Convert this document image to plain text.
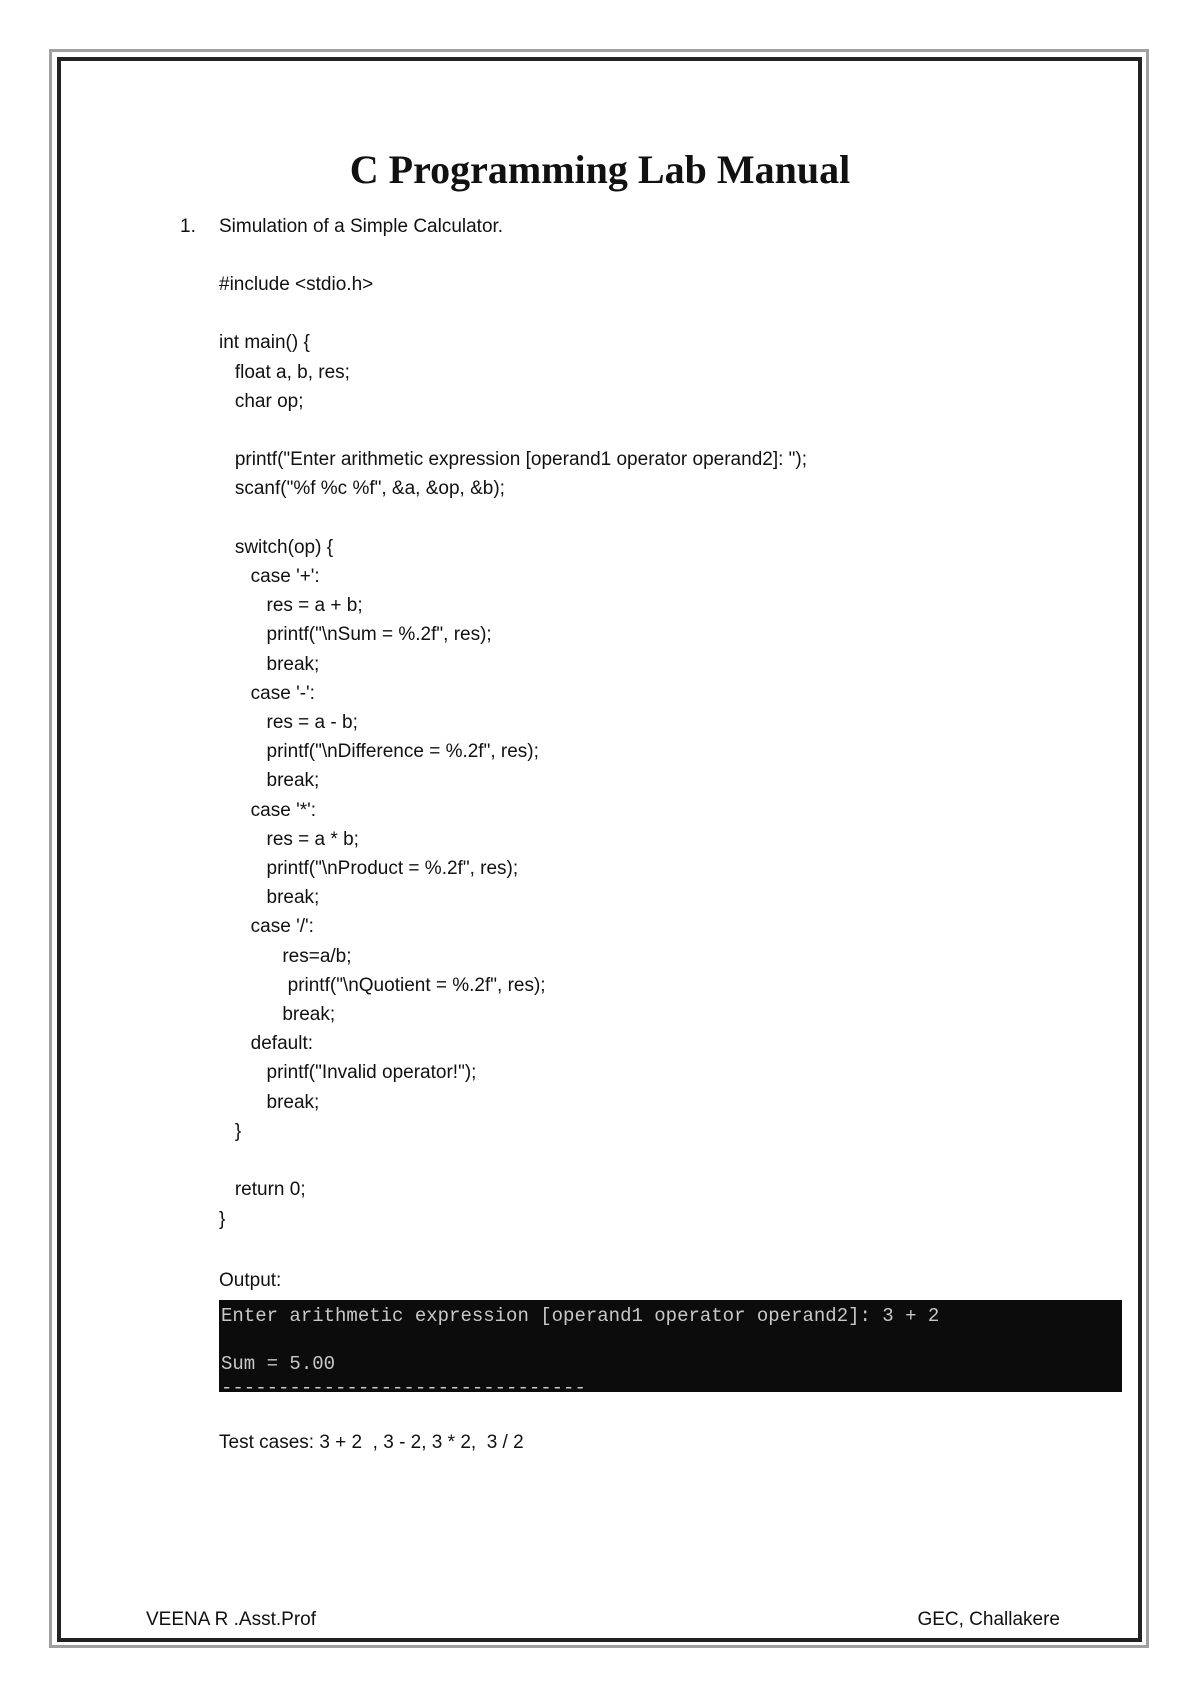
C Programming Lab Manual
1. Simulation of a Simple Calculator.
#include <stdio.h>

int main() {
float a, b, res;
char op;

printf("Enter arithmetic expression [operand1 operator operand2]: ");
scanf("%f %c %f", &a, &op, &b);

switch(op) {
case '+':
res = a + b;
printf("\nSum = %.2f", res);
break;
case '-':
res = a - b;
printf("\nDifference = %.2f", res);
break;
case '*':
res = a * b;
printf("\nProduct = %.2f", res);
break;
case '/':
res=a/b;
printf("\nQuotient = %.2f", res);
break;
default:
printf("Invalid operator!");
break;
}

return 0;
}
Output:
Enter arithmetic expression [operand1 operator operand2]: 3 + 2
Sum = 5.00
--------------------------------
Test cases: 3 + 2  , 3 - 2, 3 * 2,  3 / 2
VEENA R .Asst.Prof	GEC, Challakere
